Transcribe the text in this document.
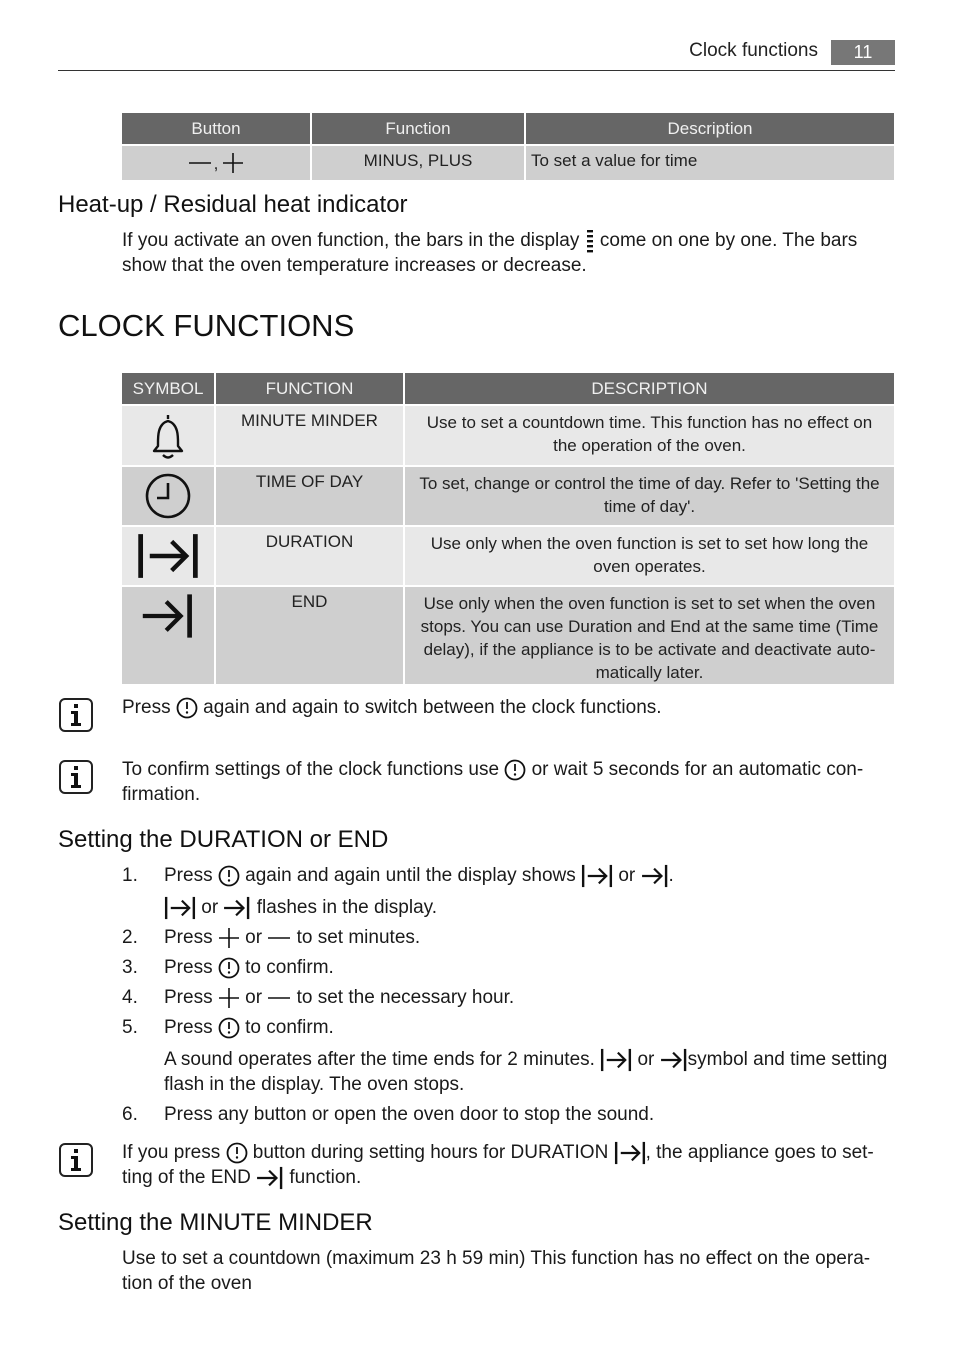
Clock functions	11
Button	Function	Description
,	MINUS, PLUS	To set a value for time
Heat-up / Residual heat indicator
If you activate an oven function, the bars in the display come on one by one. The bars
show that the oven temperature increases or decrease.
CLOCK FUNCTIONS
SYMBOL	FUNCTION	DESCRIPTION
	MINUTE MINDER	Use to set a countdown time. This function has no effect on the operation of the oven.
	TIME OF DAY	To set, change or control the time of day. Refer to 'Setting the time of day'.
	DURATION	Use only when the oven function is set to set how long the oven operates.
	END	Use only when the oven function is set to set when the oven stops. You can use Duration and End at the same time (Time delay), if the appliance is to be activate and deactivate auto-matically later.
Press again and again to switch between the clock functions.
To confirm settings of the clock functions use or wait 5 seconds for an automatic con-
firmation.
Setting the DURATION or END
1. Press again and again until the display shows or .
or flashes in the display.
2. Press or to set minutes.
3. Press to confirm.
4. Press or to set the necessary hour.
5. Press to confirm.
A sound operates after the time ends for 2 minutes. or symbol and time setting
flash in the display. The oven stops.
6. Press any button or open the oven door to stop the sound.
If you press button during setting hours for DURATION , the appliance goes to set-
ting of the END function.
Setting the MINUTE MINDER
Use to set a countdown (maximum 23 h 59 min) This function has no effect on the opera-
tion of the oven
